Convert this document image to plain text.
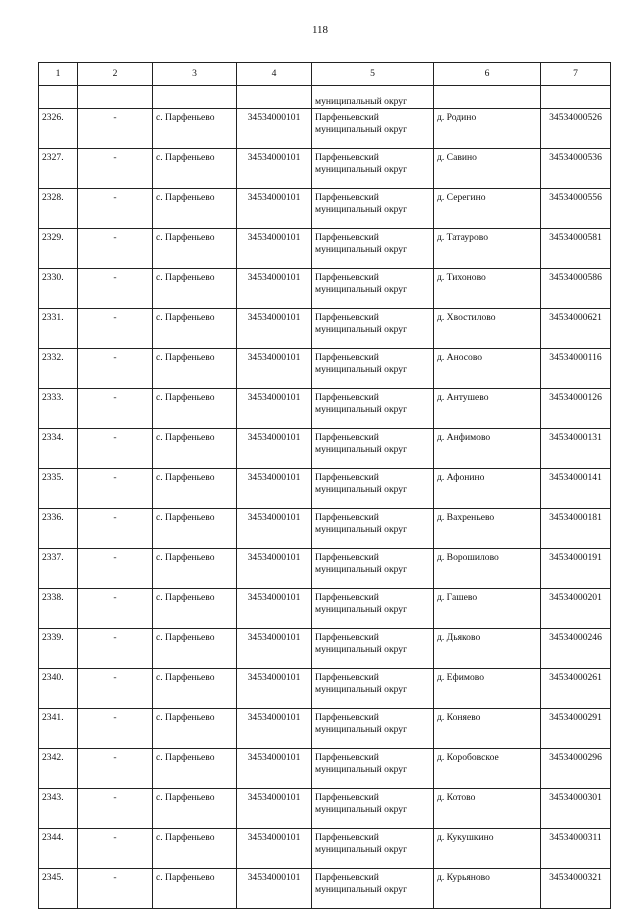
118
1	2	3	4	5	6	7
				муниципальный округ		
2326.	-	с. Парфеньево	34534000101	Парфеньевский муниципальный округ	д. Родино	34534000526
2327.	-	с. Парфеньево	34534000101	Парфеньевский муниципальный округ	д. Савино	34534000536
2328.	-	с. Парфеньево	34534000101	Парфеньевский муниципальный округ	д. Серегино	34534000556
2329.	-	с. Парфеньево	34534000101	Парфеньевский муниципальный округ	д. Татаурово	34534000581
2330.	-	с. Парфеньево	34534000101	Парфеньевский муниципальный округ	д. Тихоново	34534000586
2331.	-	с. Парфеньево	34534000101	Парфеньевский муниципальный округ	д. Хвостилово	34534000621
2332.	-	с. Парфеньево	34534000101	Парфеньевский муниципальный округ	д. Аносово	34534000116
2333.	-	с. Парфеньево	34534000101	Парфеньевский муниципальный округ	д. Антушево	34534000126
2334.	-	с. Парфеньево	34534000101	Парфеньевский муниципальный округ	д. Анфимово	34534000131
2335.	-	с. Парфеньево	34534000101	Парфеньевский муниципальный округ	д. Афонино	34534000141
2336.	-	с. Парфеньево	34534000101	Парфеньевский муниципальный округ	д. Вахреньево	34534000181
2337.	-	с. Парфеньево	34534000101	Парфеньевский муниципальный округ	д. Ворошилово	34534000191
2338.	-	с. Парфеньево	34534000101	Парфеньевский муниципальный округ	д. Гашево	34534000201
2339.	-	с. Парфеньево	34534000101	Парфеньевский муниципальный округ	д. Дьяково	34534000246
2340.	-	с. Парфеньево	34534000101	Парфеньевский муниципальный округ	д. Ефимово	34534000261
2341.	-	с. Парфеньево	34534000101	Парфеньевский муниципальный округ	д. Коняево	34534000291
2342.	-	с. Парфеньево	34534000101	Парфеньевский муниципальный округ	д. Коробовское	34534000296
2343.	-	с. Парфеньево	34534000101	Парфеньевский муниципальный округ	д. Котово	34534000301
2344.	-	с. Парфеньево	34534000101	Парфеньевский муниципальный округ	д. Кукушкино	34534000311
2345.	-	с. Парфеньево	34534000101	Парфеньевский муниципальный округ	д. Курьяново	34534000321
